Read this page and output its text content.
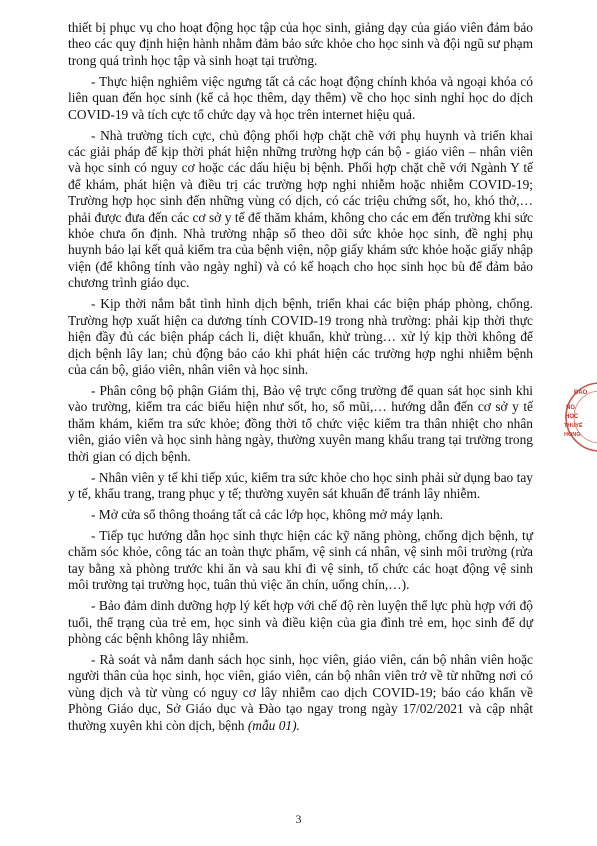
thiết bị phục vụ cho hoạt động học tập của học sinh, giảng dạy của giáo viên đảm bảo theo các quy định hiện hành nhằm đảm bảo sức khỏe cho học sinh và đội ngũ sư phạm trong quá trình học tập và sinh hoạt tại trường.

- Thực hiện nghiêm việc ngưng tất cả các hoạt động chính khóa và ngoại khóa có liên quan đến học sinh (kể cả học thêm, dạy thêm) về cho học sinh nghỉ học do dịch COVID-19 và tích cực tổ chức dạy và học trên internet hiệu quả.

- Nhà trường tích cực, chủ động phối hợp chặt chẽ với phụ huynh và triển khai các giải pháp để kịp thời phát hiện những trường hợp cán bộ - giáo viên – nhân viên và học sinh có nguy cơ hoặc các dấu hiệu bị bệnh. Phối hợp chặt chẽ với Ngành Y tế để khám, phát hiện và điều trị các trường hợp nghi nhiễm hoặc nhiễm COVID-19; Trường hợp học sinh đến những vùng có dịch, có các triệu chứng sốt, ho, khó thở,… phải được đưa đến các cơ sở y tế để thăm khám, không cho các em đến trường khi sức khỏe chưa ổn định. Nhà trường nhập sổ theo dõi sức khỏe học sinh, đề nghị phụ huynh báo lại kết quả kiểm tra của bệnh viện, nộp giấy khám sức khỏe hoặc giấy nhập viện (để không tính vào ngày nghỉ) và có kế hoạch cho học sinh học bù để đảm bảo chương trình giáo dục.

- Kịp thời nắm bắt tình hình dịch bệnh, triển khai các biện pháp phòng, chống. Trường hợp xuất hiện ca dương tính COVID-19 trong nhà trường: phải kịp thời thực hiện đầy đủ các biện pháp cách li, diệt khuẩn, khử trùng… xử lý kịp thời không để dịch bệnh lây lan; chủ động báo cáo khi phát hiện các trường hợp nghi nhiễm bệnh của cán bộ, giáo viên, nhân viên và học sinh.

- Phân công bộ phận Giám thị, Bảo vệ trực cổng trường để quan sát học sinh khi vào trường, kiểm tra các biểu hiện như sốt, ho, sổ mũi,… hướng dẫn đến cơ sở y tế thăm khám, kiểm tra sức khỏe; đồng thời tổ chức việc kiểm tra thân nhiệt cho nhân viên, giáo viên và học sinh hàng ngày, thường xuyên mang khẩu trang tại trường trong thời gian có dịch bệnh.

- Nhân viên y tế khi tiếp xúc, kiểm tra sức khỏe cho học sinh phải sử dụng bao tay y tế, khẩu trang, trang phục y tế; thường xuyên sát khuẩn để tránh lây nhiễm.

- Mở cửa sổ thông thoáng tất cả các lớp học, không mở máy lạnh.

- Tiếp tục hướng dẫn học sinh thực hiện các kỹ năng phòng, chống dịch bệnh, tự chăm sóc khỏe, công tác an toàn thực phẩm, vệ sinh cá nhân, vệ sinh môi trường (rửa tay bằng xà phòng trước khi ăn và sau khi đi vệ sinh, tổ chức các hoạt động vệ sinh môi trường tại trường học, tuân thủ việc ăn chín, uống chín,…).

- Bảo đảm dinh dưỡng hợp lý kết hợp với chế độ rèn luyện thể lực phù hợp với độ tuổi, thể trạng của trẻ em, học sinh và điều kiện của gia đình trẻ em, học sinh để dự phòng các bệnh không lây nhiễm.

- Rà soát và nắm danh sách học sinh, học viên, giáo viên, cán bộ nhân viên hoặc người thân của học sinh, học viên, giáo viên, cán bộ nhân viên trở về từ những nơi có vùng dịch và từ vùng có nguy cơ lây nhiễm cao dịch COVID-19; báo cáo khẩn về Phòng Giáo dục, Sở Giáo dục và Đào tạo ngay trong ngày 17/02/2021 và cập nhật thường xuyên khi còn dịch, bệnh (mẫu 01).

ĐÀO
NG
HỌC
THUYẾ
HONG
3
